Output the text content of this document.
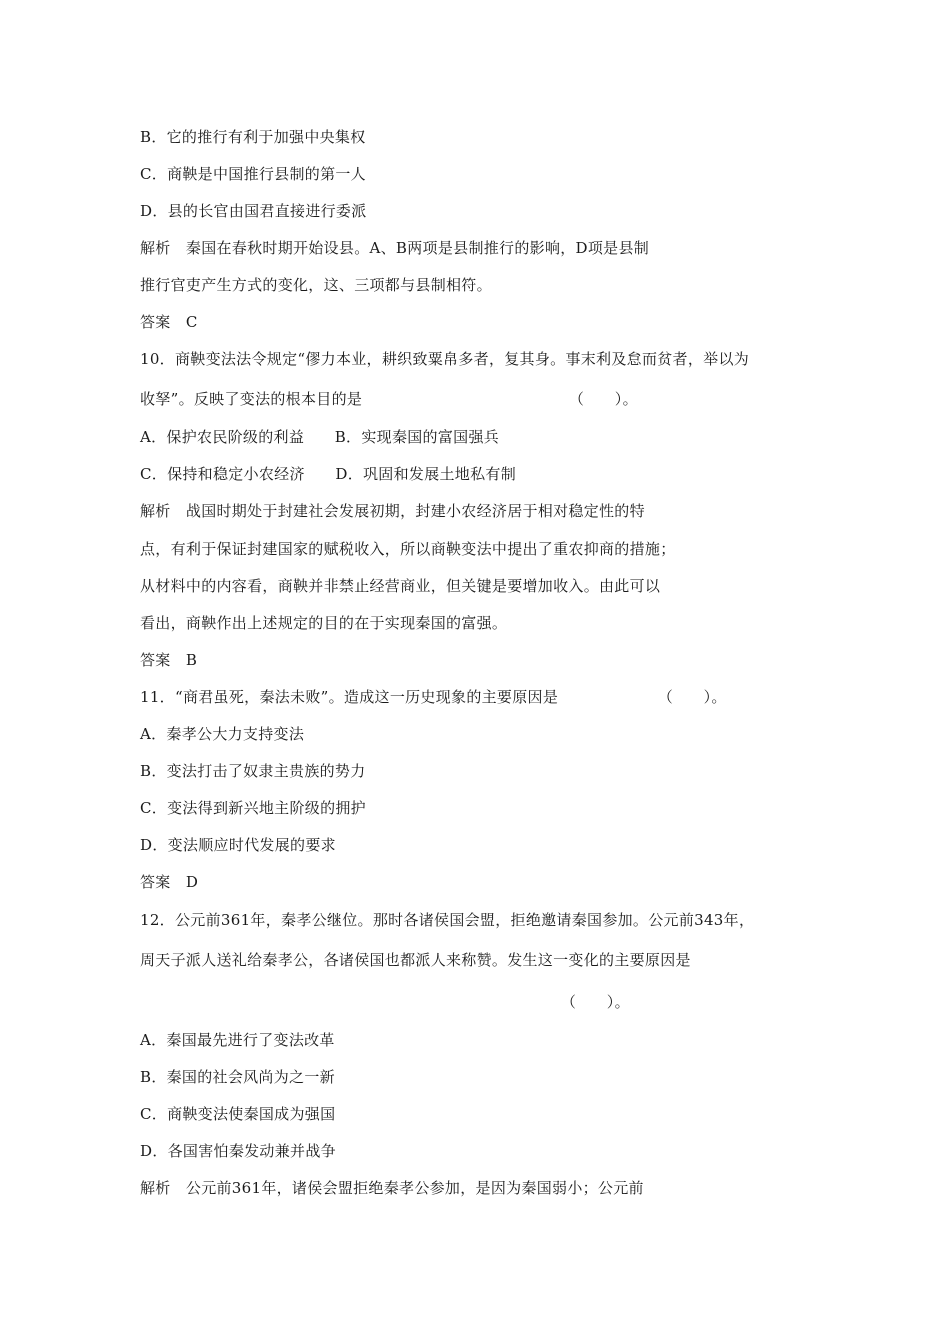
B．它的推行有利于加强中央集权
C．商鞅是中国推行县制的第一人
D．县的长官由国君直接进行委派
解析　秦国在春秋时期开始设县。A、B两项是县制推行的影响，D项是县制
推行官吏产生方式的变化，这、三项都与县制相符。
答案　C
10．商鞅变法法令规定“僇力本业，耕织致粟帛多者，复其身。事末利及怠而贫者，举以为
收孥”。反映了变法的根本目的是　　　　　　　　　　　　　　（　　）。
A．保护农民阶级的利益　　B．实现秦国的富国强兵
C．保持和稳定小农经济　　D．巩固和发展土地私有制
解析　战国时期处于封建社会发展初期，封建小农经济居于相对稳定性的特
点，有利于保证封建国家的赋税收入，所以商鞅变法中提出了重农抑商的措施；
从材料中的内容看，商鞅并非禁止经营商业，但关键是要增加收入。由此可以
看出，商鞅作出上述规定的目的在于实现秦国的富强。
答案　B
11．“商君虽死，秦法未败”。造成这一历史现象的主要原因是　　　　　　　（　　）。
A．秦孝公大力支持变法
B．变法打击了奴隶主贵族的势力
C．变法得到新兴地主阶级的拥护
D．变法顺应时代发展的要求
答案　D
12．公元前361年，秦孝公继位。那时各诸侯国会盟，拒绝邀请秦国参加。公元前343年，
周天子派人送礼给秦孝公，各诸侯国也都派人来称赞。发生这一变化的主要原因是
　　　　　　　　　　　　　　　　　　　　　　　　　　　　（　　）。
A．秦国最先进行了变法改革
B．秦国的社会风尚为之一新
C．商鞅变法使秦国成为强国
D．各国害怕秦发动兼并战争
解析　公元前361年，诸侯会盟拒绝秦孝公参加，是因为秦国弱小；公元前
